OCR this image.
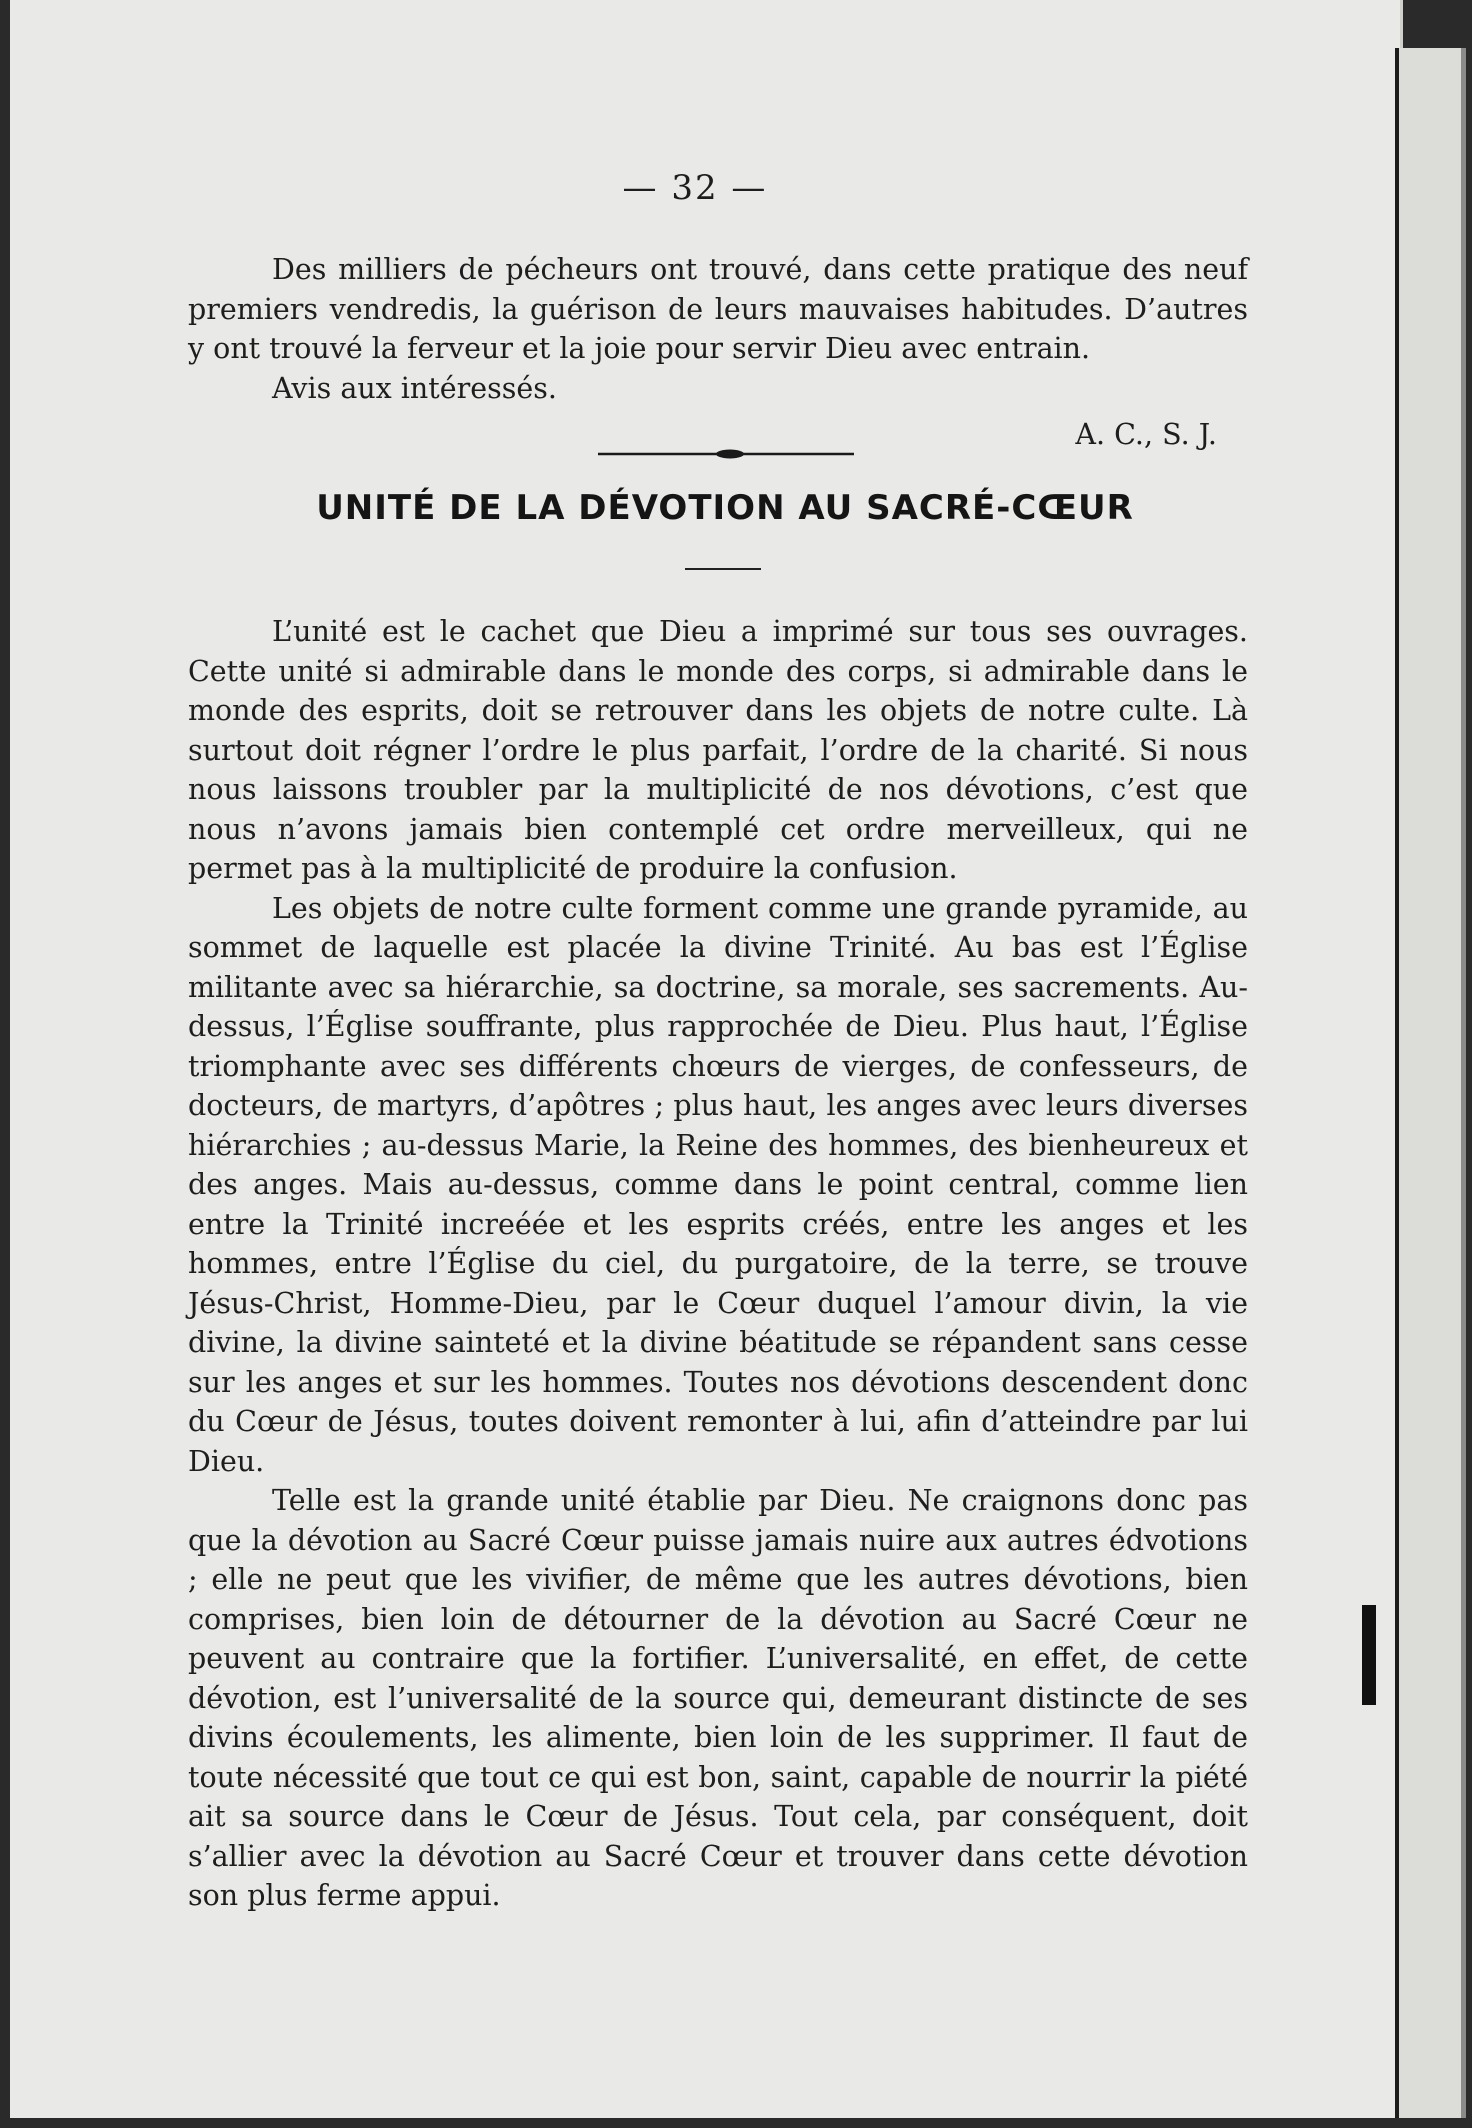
— 32 —

Des milliers de pécheurs ont trouvé, dans cette pratique des neuf premiers vendredis, la guérison de leurs mauvaises habitudes. D’autres y ont trouvé la ferveur et la joie pour servir Dieu avec entrain.

Avis aux intéressés.

A. C., S. J.
UNITÉ DE LA DÉVOTION AU SACRÉ-CŒUR

L’unité est le cachet que Dieu a imprimé sur tous ses ouvrages. Cette unité si admirable dans le monde des corps, si admirable dans le monde des esprits, doit se retrouver dans les objets de notre culte. Là surtout doit régner l’ordre le plus parfait, l’ordre de la charité. Si nous nous laissons troubler par la multiplicité de nos dévotions, c’est que nous n’avons jamais bien contemplé cet ordre merveilleux, qui ne permet pas à la multiplicité de produire la confusion.

Les objets de notre culte forment comme une grande pyramide, au sommet de laquelle est placée la divine Trinité. Au bas est l’Église militante avec sa hiérarchie, sa doctrine, sa morale, ses sacrements. Au-dessus, l’Église souffrante, plus rapprochée de Dieu. Plus haut, l’Église triomphante avec ses différents chœurs de vierges, de confesseurs, de docteurs, de martyrs, d’apôtres ; plus haut, les anges avec leurs diverses hiérarchies ; au-dessus Marie, la Reine des hommes, des bienheureux et des anges. Mais au-dessus, comme dans le point central, comme lien entre la Trinité increéée et les esprits créés, entre les anges et les hommes, entre l’Église du ciel, du purgatoire, de la terre, se trouve Jésus-Christ, Homme-Dieu, par le Cœur duquel l’amour divin, la vie divine, la divine sainteté et la divine béatitude se répandent sans cesse sur les anges et sur les hommes. Toutes nos dévotions descendent donc du Cœur de Jésus, toutes doivent remonter à lui, afin d’atteindre par lui Dieu.

Telle est la grande unité établie par Dieu. Ne craignons donc pas que la dévotion au Sacré Cœur puisse jamais nuire aux autres édvotions ; elle ne peut que les vivifier, de même que les autres dévotions, bien comprises, bien loin de détourner de la dévotion au Sacré Cœur ne peuvent au contraire que la fortifier. L’universalité, en effet, de cette dévotion, est l’universalité de la source qui, demeurant distincte de ses divins écoulements, les alimente, bien loin de les supprimer. Il faut de toute nécessité que tout ce qui est bon, saint, capable de nourrir la piété ait sa source dans le Cœur de Jésus. Tout cela, par conséquent, doit s’allier avec la dévotion au Sacré Cœur et trouver dans cette dévotion son plus ferme appui.
